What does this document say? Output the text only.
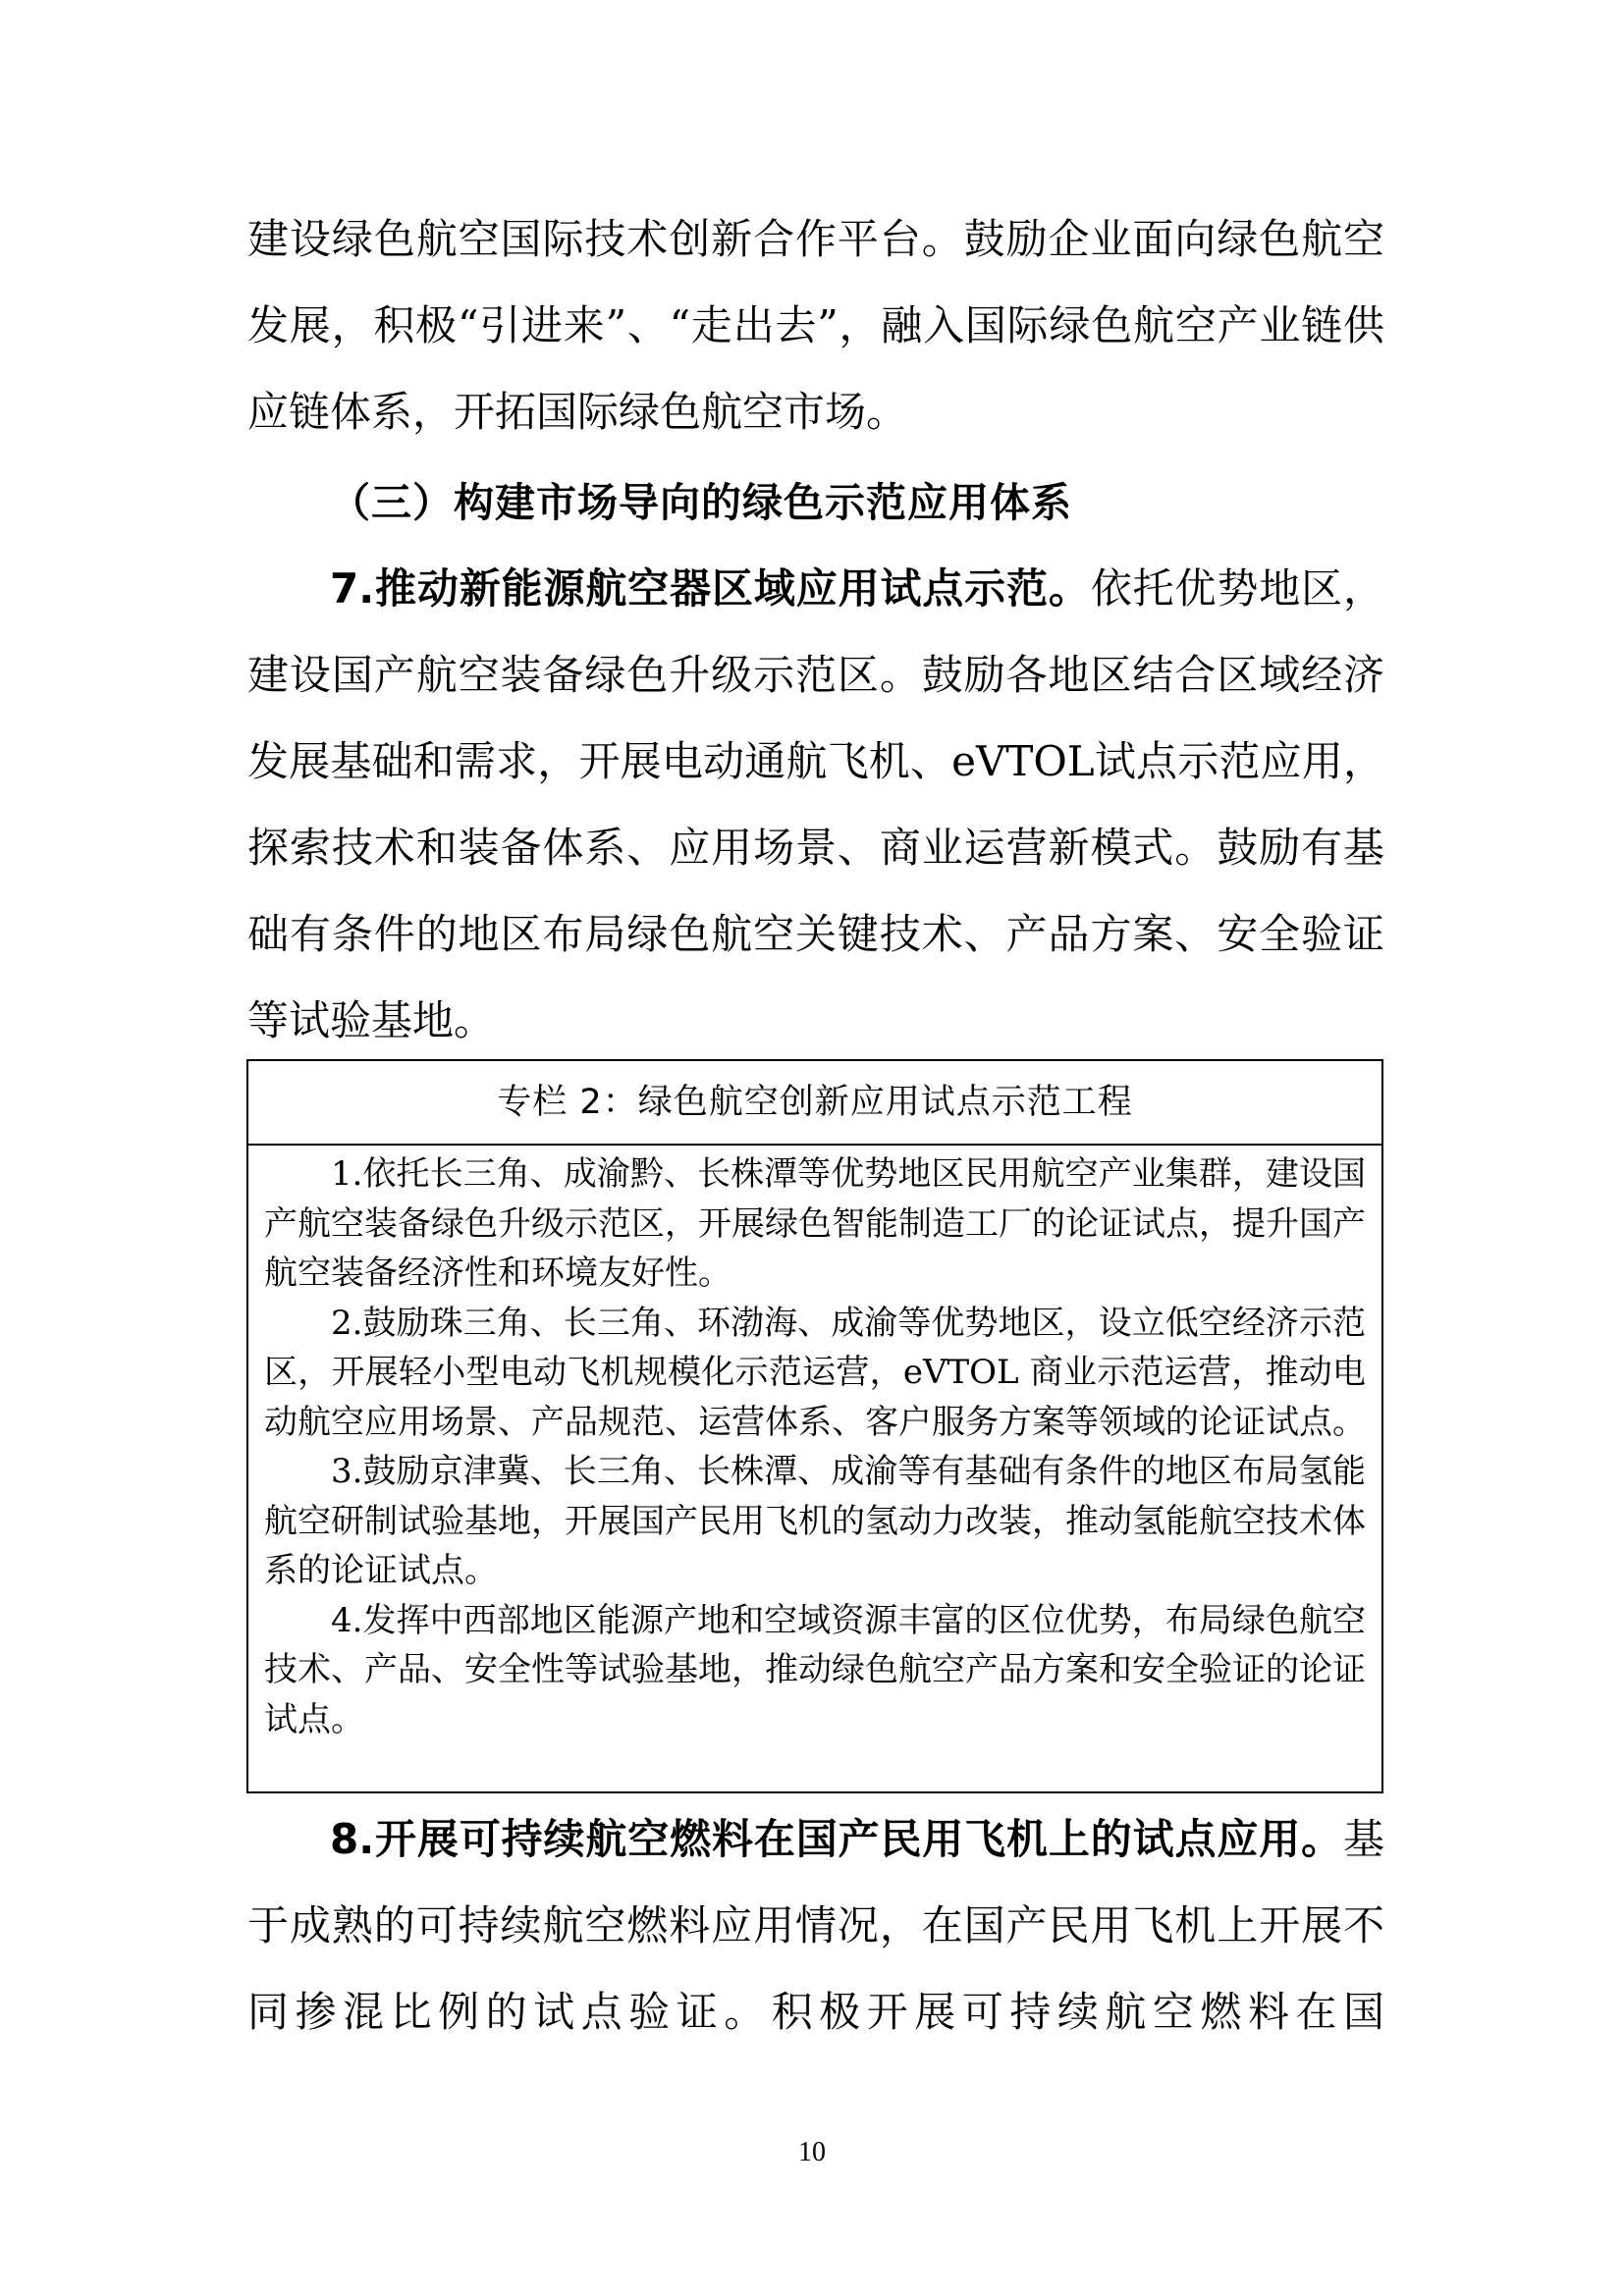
建设绿色航空国际技术创新合作平台。鼓励企业面向绿色航空发展，积极“引进来”、“走出去”，融入国际绿色航空产业链供应链体系，开拓国际绿色航空市场。

（三）构建市场导向的绿色示范应用体系

7.推动新能源航空器区域应用试点示范。依托优势地区，建设国产航空装备绿色升级示范区。鼓励各地区结合区域经济发展基础和需求，开展电动通航飞机、eVTOL试点示范应用，探索技术和装备体系、应用场景、商业运营新模式。鼓励有基础有条件的地区布局绿色航空关键技术、产品方案、安全验证等试验基地。

专栏 2：绿色航空创新应用试点示范工程

1.依托长三角、成渝黔、长株潭等优势地区民用航空产业集群，建设国产航空装备绿色升级示范区，开展绿色智能制造工厂的论证试点，提升国产航空装备经济性和环境友好性。

2.鼓励珠三角、长三角、环渤海、成渝等优势地区，设立低空经济示范区，开展轻小型电动飞机规模化示范运营，eVTOL 商业示范运营，推动电动航空应用场景、产品规范、运营体系、客户服务方案等领域的论证试点。

3.鼓励京津冀、长三角、长株潭、成渝等有基础有条件的地区布局氢能航空研制试验基地，开展国产民用飞机的氢动力改装，推动氢能航空技术体系的论证试点。

4.发挥中西部地区能源产地和空域资源丰富的区位优势，布局绿色航空技术、产品、安全性等试验基地，推动绿色航空产品方案和安全验证的论证试点。

8.开展可持续航空燃料在国产民用飞机上的试点应用。基于成熟的可持续航空燃料应用情况，在国产民用飞机上开展不同掺混比例的试点验证。积极开展可持续航空燃料在国

10
